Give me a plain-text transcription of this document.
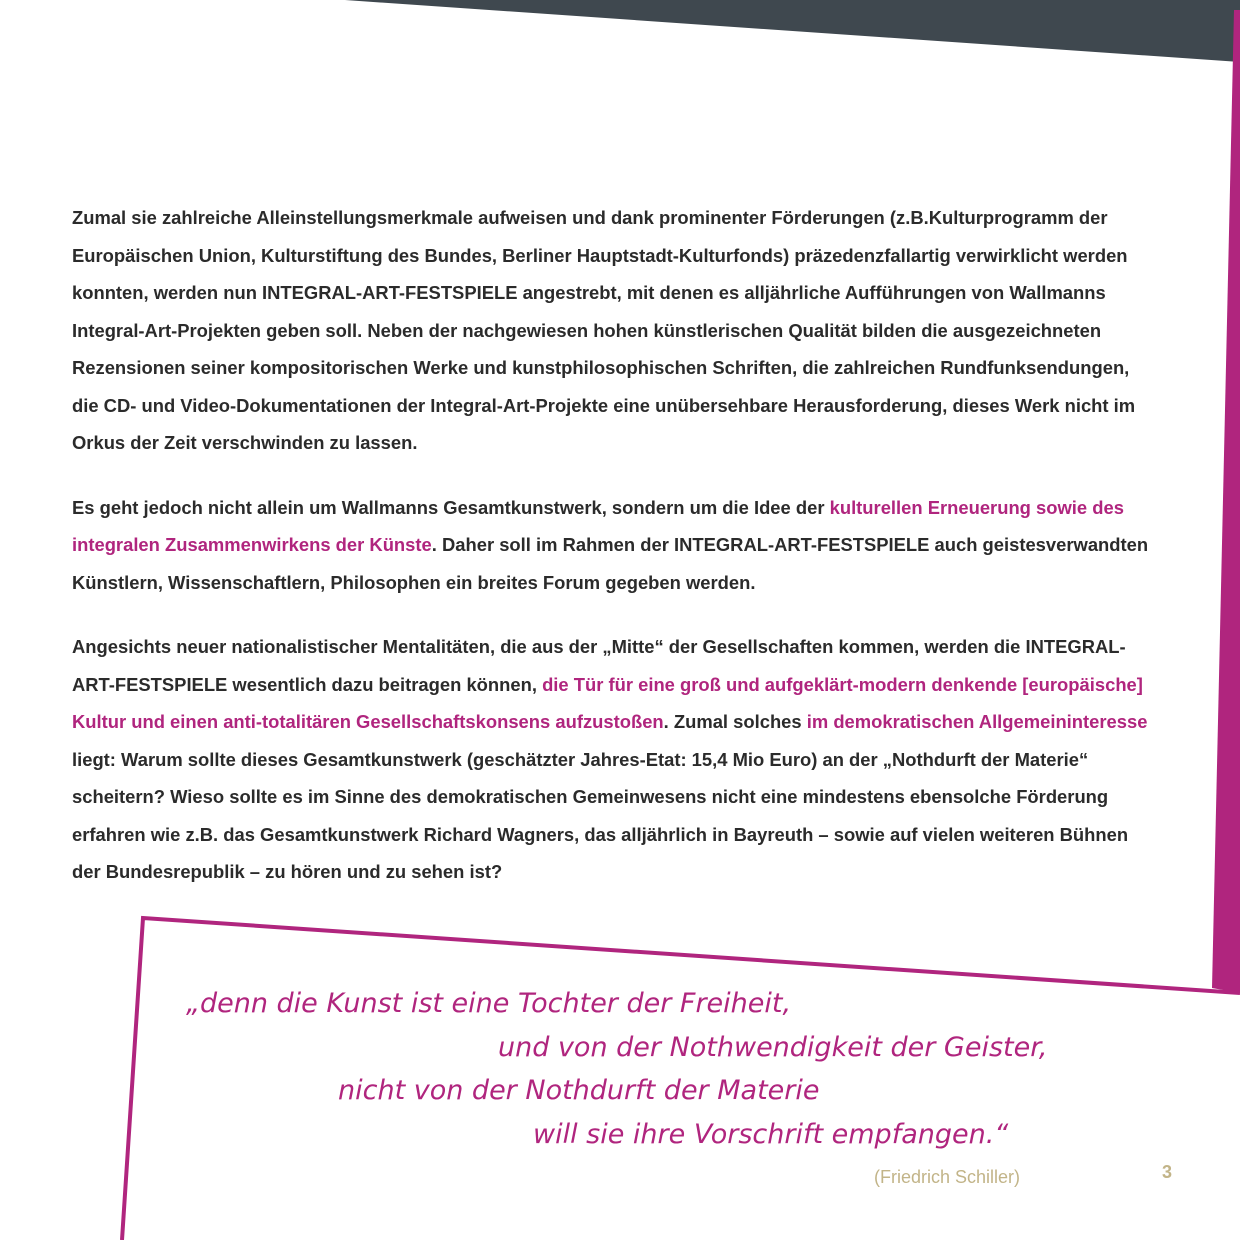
Zumal sie zahlreiche Alleinstellungsmerkmale aufweisen und dank prominenter Förderungen (z.B.Kulturprogramm der Europäischen Union, Kulturstiftung des Bundes, Berliner Hauptstadt-Kulturfonds) präzedenzfallartig verwirklicht werden konnten, werden nun INTEGRAL-ART-FESTSPIELE angestrebt, mit denen es alljährliche Aufführungen von Wallmanns Integral-Art-Projekten geben soll. Neben der nachgewiesen hohen künstlerischen Qualität bilden die ausgezeichneten Rezensionen seiner kompositorischen Werke und kunstphilosophischen Schriften, die zahlreichen Rundfunksendungen, die CD- und Video-Dokumentationen der Integral-Art-Projekte eine unübersehbare Herausforderung, dieses Werk nicht im Orkus der Zeit verschwinden zu lassen.

Es geht jedoch nicht allein um Wallmanns Gesamtkunstwerk, sondern um die Idee der kulturellen Erneuerung sowie des integralen Zusammenwirkens der Künste. Daher soll im Rahmen der INTEGRAL-ART-FESTSPIELE auch geistesverwandten Künstlern, Wissenschaftlern, Philosophen ein breites Forum gegeben werden.

Angesichts neuer nationalistischer Mentalitäten, die aus der „Mitte“ der Gesellschaften kommen, werden die INTEGRAL-ART-FESTSPIELE wesentlich dazu beitragen können, die Tür für eine groß und aufgeklärt-modern denkende [europäische] Kultur und einen anti-totalitären Gesellschaftskonsens aufzustoßen. Zumal solches im demokratischen Allgemeininteresse liegt: Warum sollte dieses Gesamtkunstwerk (geschätzter Jahres-Etat: 15,4 Mio Euro) an der „Nothdurft der Materie“ scheitern? Wieso sollte es im Sinne des demokratischen Gemeinwesens nicht eine mindestens ebensolche Förderung erfahren wie z.B. das Gesamtkunstwerk Richard Wagners, das alljährlich in Bayreuth – sowie auf vielen weiteren Bühnen der Bundesrepublik – zu hören und zu sehen ist?

„denn die Kunst ist eine Tochter der Freiheit,
und von der Nothwendigkeit der Geister,
nicht von der Nothdurft der Materie
will sie ihre Vorschrift empfangen.“
(Friedrich Schiller)	3
